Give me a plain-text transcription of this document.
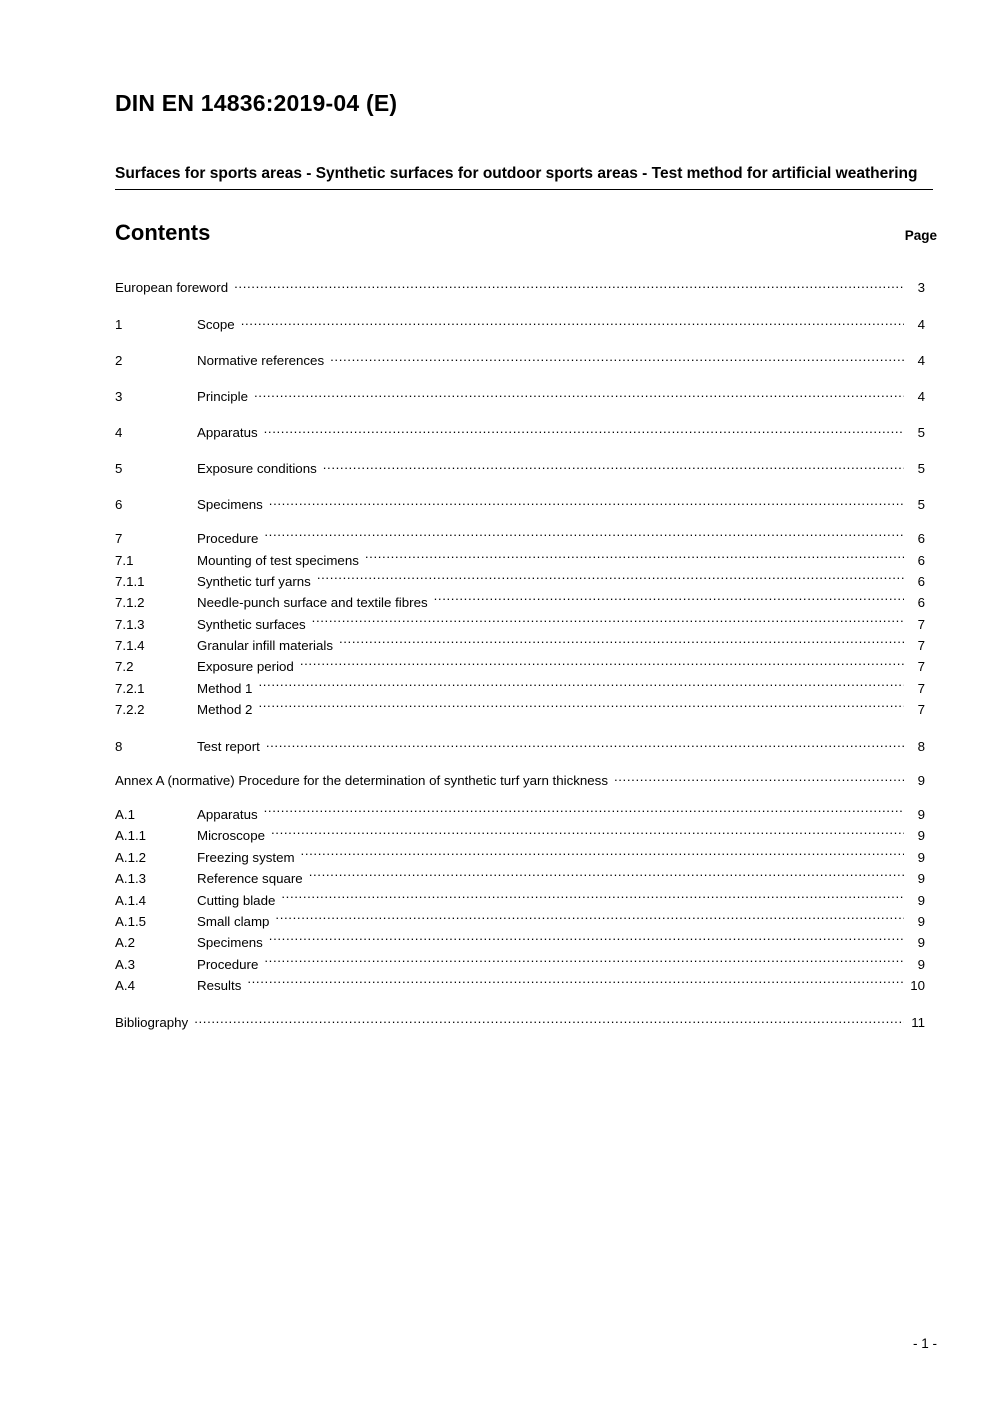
DIN EN 14836:2019-04 (E)
Surfaces for sports areas - Synthetic surfaces for outdoor sports areas - Test method for artificial weathering
Contents	Page
European foreword .....	3
1	Scope .....	4
2	Normative references .....	4
3	Principle .....	4
4	Apparatus .....	5
5	Exposure conditions .....	5
6	Specimens .....	5
7	Procedure .....	6
7.1	Mounting of test specimens .....	6
7.1.1	Synthetic turf yarns .....	6
7.1.2	Needle-punch surface and textile fibres .....	6
7.1.3	Synthetic surfaces .....	7
7.1.4	Granular infill materials .....	7
7.2	Exposure period .....	7
7.2.1	Method 1 .....	7
7.2.2	Method 2 .....	7
8	Test report .....	8
Annex A (normative) Procedure for the determination of synthetic turf yarn thickness .....	9
A.1	Apparatus .....	9
A.1.1	Microscope .....	9
A.1.2	Freezing system .....	9
A.1.3	Reference square .....	9
A.1.4	Cutting blade .....	9
A.1.5	Small clamp .....	9
A.2	Specimens .....	9
A.3	Procedure .....	9
A.4	Results .....	10
Bibliography .....	11
- 1 -
